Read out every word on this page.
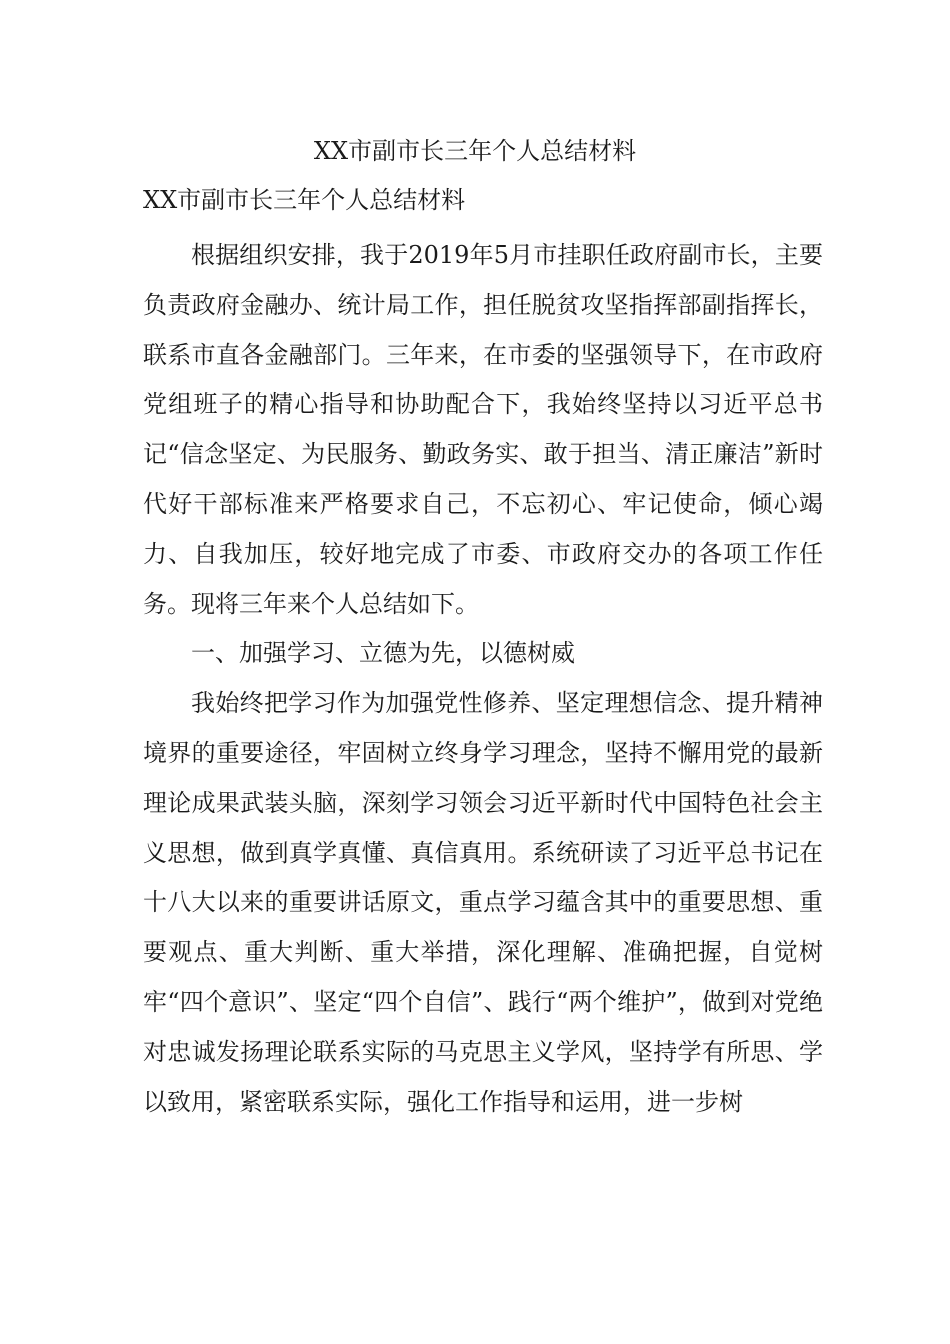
XX市副市长三年个人总结材料

XX市副市长三年个人总结材料

根据组织安排，我于2019年5月市挂职任政府副市长，主要负责政府金融办、统计局工作，担任脱贫攻坚指挥部副指挥长，联系市直各金融部门。三年来，在市委的坚强领导下，在市政府党组班子的精心指导和协助配合下，我始终坚持以习近平总书记“信念坚定、为民服务、勤政务实、敢于担当、清正廉洁”新时代好干部标准来严格要求自己，不忘初心、牢记使命，倾心竭力、自我加压，较好地完成了市委、市政府交办的各项工作任务。现将三年来个人总结如下。

一、加强学习、立德为先，以德树威

我始终把学习作为加强党性修养、坚定理想信念、提升精神境界的重要途径，牢固树立终身学习理念，坚持不懈用党的最新理论成果武装头脑，深刻学习领会习近平新时代中国特色社会主义思想，做到真学真懂、真信真用。系统研读了习近平总书记在十八大以来的重要讲话原文，重点学习蕴含其中的重要思想、重要观点、重大判断、重大举措，深化理解、准确把握，自觉树牢“四个意识”、坚定“四个自信”、践行“两个维护”，做到对党绝对忠诚发扬理论联系实际的马克思主义学风，坚持学有所思、学以致用，紧密联系实际，强化工作指导和运用，进一步树
